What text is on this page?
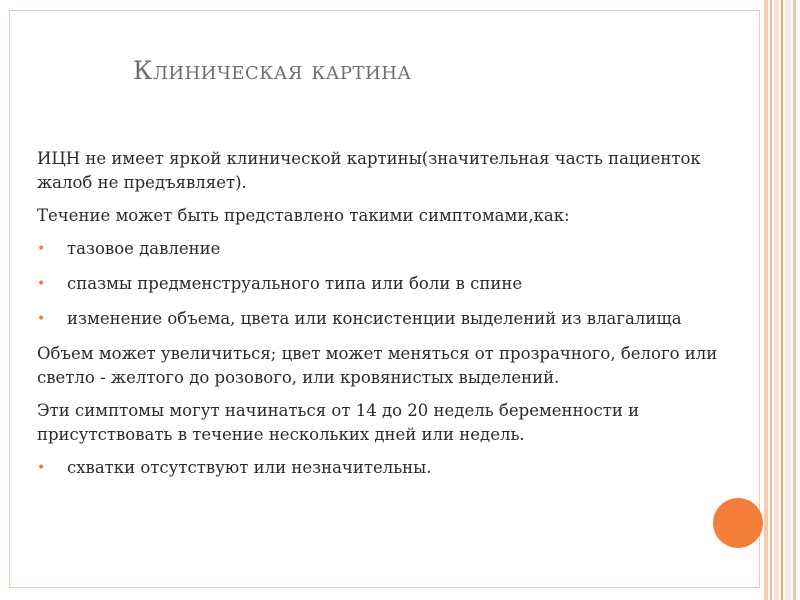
Клиническая картина

ИЦН не имеет яркой клинической картины(значительная часть пациенток жалоб не предъявляет).

Течение может быть представлено такими симптомами,как:

• тазовое давление
• спазмы предменструального типа или боли в спине
• изменение объема, цвета или консистенции выделений из влагалища

Объем может увеличиться; цвет может меняться от прозрачного, белого или светло - желтого до розового, или кровянистых выделений.

Эти симптомы могут начинаться от 14 до 20 недель беременности и присутствовать в течение нескольких дней или недель.

• схватки отсутствуют или незначительны.
